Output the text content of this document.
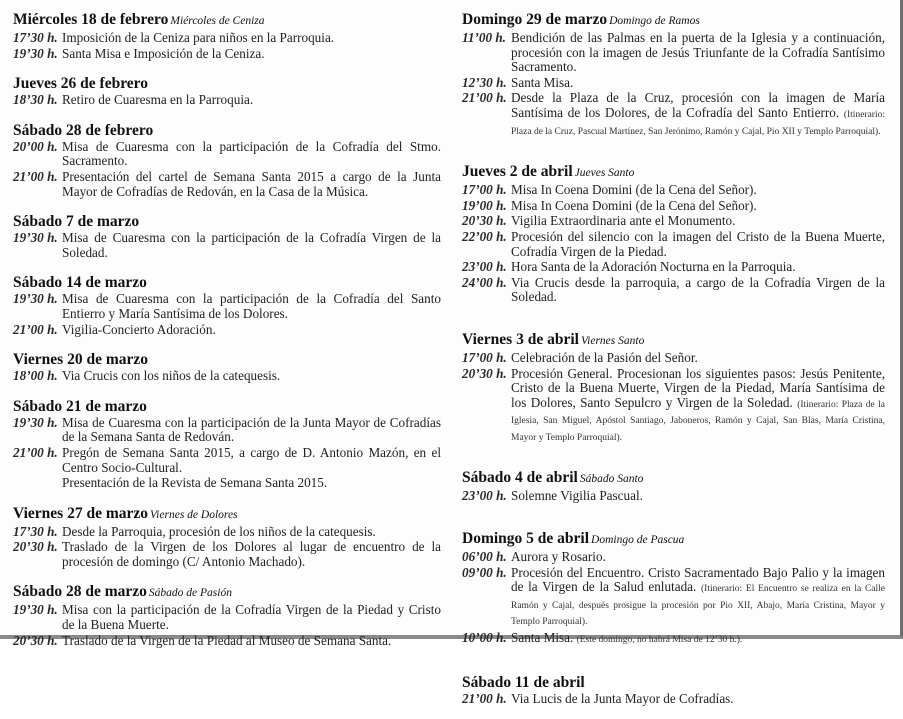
Miércoles 18 de febrero Miércoles de Ceniza
17’30 h. Imposición de la Ceniza para niños en la Parroquia.
19’30 h. Santa Misa e Imposición de la Ceniza.
Jueves 26 de febrero
18’30 h. Retiro de Cuaresma en la Parroquia.
Sábado 28 de febrero
20’00 h. Misa de Cuaresma con la participación de la Cofradía del Stmo. Sacramento.
21’00 h. Presentación del cartel de Semana Santa 2015 a cargo de la Junta Mayor de Cofradías de Redován, en la Casa de la Música.
Sábado 7 de marzo
19’30 h. Misa de Cuaresma con la participación de la Cofradía Virgen de la Soledad.
Sábado 14 de marzo
19’30 h. Misa de Cuaresma con la participación de la Cofradía del Santo Entierro y María Santísima de los Dolores.
21’00 h. Vigilia-Concierto Adoración.
Viernes 20 de marzo
18’00 h. Via Crucis con los niños de la catequesis.
Sábado 21 de marzo
19’30 h. Misa de Cuaresma con la participación de la Junta Mayor de Cofradías de la Semana Santa de Redován.
21’00 h. Pregón de Semana Santa 2015, a cargo de D. Antonio Mazón, en el Centro Socio-Cultural.
Presentación de la Revista de Semana Santa 2015.
Viernes 27 de marzo Viernes de Dolores
17’30 h. Desde la Parroquia, procesión de los niños de la catequesis.
20’30 h. Traslado de la Virgen de los Dolores al lugar de encuentro de la procesión de domingo (C/ Antonio Machado).
Sábado 28 de marzo Sábado de Pasión
19’30 h. Misa con la participación de la Cofradía Virgen de la Piedad y Cristo de la Buena Muerte.
20’30 h. Traslado de la Virgen de la Piedad al Museo de Semana Santa.
Domingo 29 de marzo Domingo de Ramos
11’00 h. Bendición de las Palmas en la puerta de la Iglesia y a continuación, procesión con la imagen de Jesús Triunfante de la Cofradía Santísimo Sacramento.
12’30 h. Santa Misa.
21’00 h. Desde la Plaza de la Cruz, procesión con la imagen de María Santísima de los Dolores, de la Cofradía del Santo Entierro. (Itinerario: Plaza de la Cruz, Pascual Martínez, San Jerónimo, Ramón y Cajal, Pio XII y Templo Parroquial).
Jueves 2 de abril Jueves Santo
17’00 h. Misa In Coena Domini (de la Cena del Señor).
19’00 h. Misa In Coena Domini (de la Cena del Señor).
20’30 h. Vigilia Extraordinaria ante el Monumento.
22’00 h. Procesión del silencio con la imagen del Cristo de la Buena Muerte, Cofradía Virgen de la Piedad.
23’00 h. Hora Santa de la Adoración Nocturna en la Parroquia.
24’00 h. Via Crucis desde la parroquia, a cargo de la Cofradía Virgen de la Soledad.
Viernes 3 de abril Viernes Santo
17’00 h. Celebración de la Pasión del Señor.
20’30 h. Procesión General. Procesionan los siguientes pasos: Jesús Penitente, Cristo de la Buena Muerte, Virgen de la Piedad, María Santísima de los Dolores, Santo Sepulcro y Virgen de la Soledad. (Itinerario: Plaza de la Iglesia, San Miguel, Apóstol Santiago, Jaboneros, Ramón y Cajal, San Blas, María Cristina, Mayor y Templo Parroquial).
Sábado 4 de abril Sábado Santo
23’00 h. Solemne Vigilia Pascual.
Domingo 5 de abril Domingo de Pascua
06’00 h. Aurora y Rosario.
09’00 h. Procesión del Encuentro. Cristo Sacramentado Bajo Palio y la imagen de la Virgen de la Salud enlutada. (Itinerario: El Encuentro se realiza en la Calle Ramón y Cajal, después prosigue la procesión por Pio XII, Abajo, María Cristina, Mayor y Templo Parroquial).
10’00 h. Santa Misa. (Este domingo, no habrá Misa de 12’30 h.).
Sábado 11 de abril
21’00 h. Via Lucis de la Junta Mayor de Cofradías.
